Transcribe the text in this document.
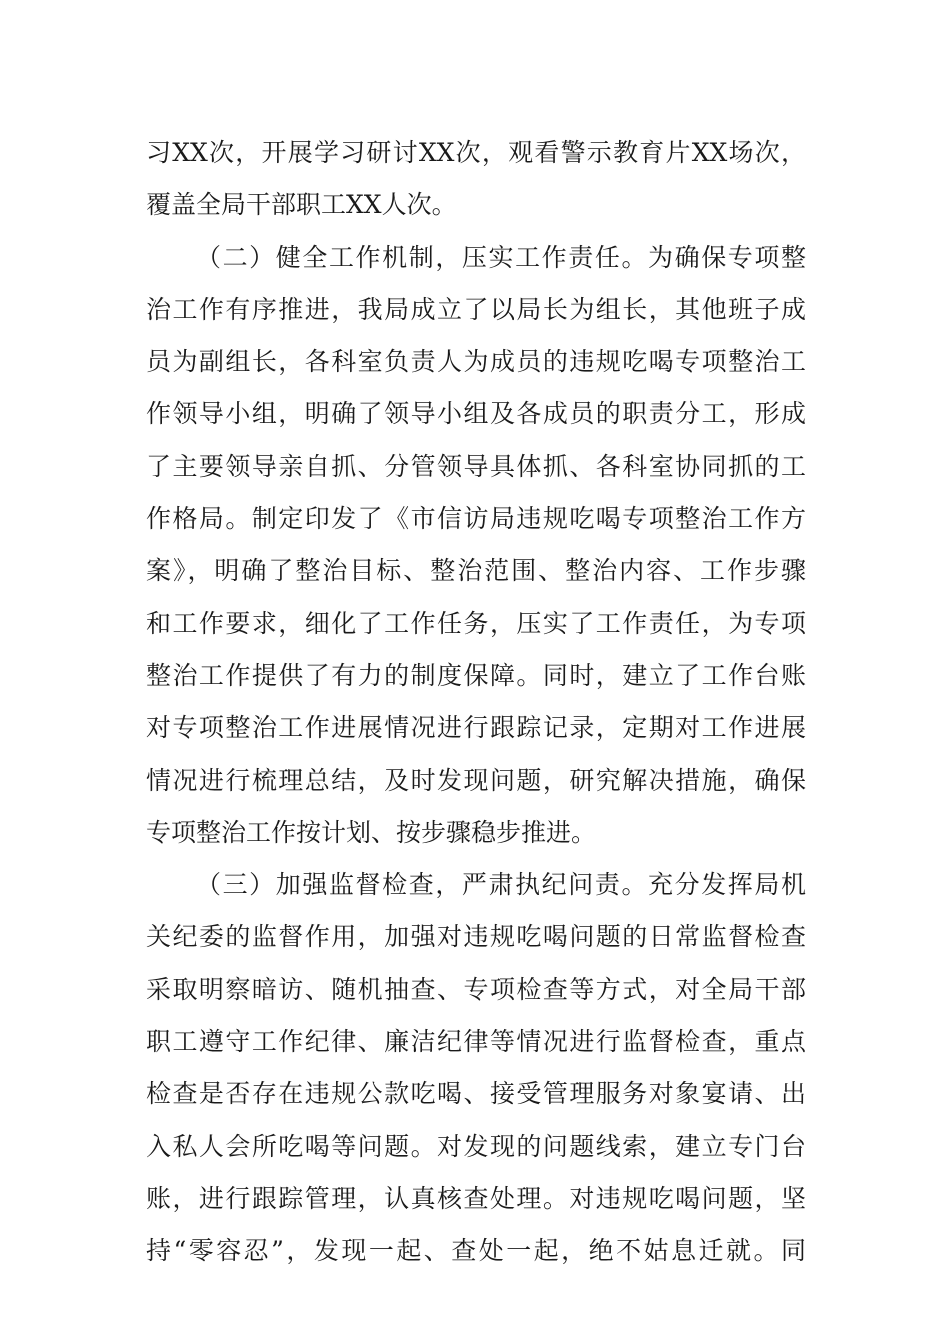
习XX次，开展学习研讨XX次，观看警示教育片XX场次，
覆盖全局干部职工XX人次。
（二）健全工作机制，压实工作责任。为确保专项整
治工作有序推进，我局成立了以局长为组长，其他班子成
员为副组长，各科室负责人为成员的违规吃喝专项整治工
作领导小组，明确了领导小组及各成员的职责分工，形成
了主要领导亲自抓、分管领导具体抓、各科室协同抓的工
作格局。制定印发了《市信访局违规吃喝专项整治工作方
案》，明确了整治目标、整治范围、整治内容、工作步骤
和工作要求，细化了工作任务，压实了工作责任，为专项
整治工作提供了有力的制度保障。同时，建立了工作台账
对专项整治工作进展情况进行跟踪记录，定期对工作进展
情况进行梳理总结，及时发现问题，研究解决措施，确保
专项整治工作按计划、按步骤稳步推进。
（三）加强监督检查，严肃执纪问责。充分发挥局机
关纪委的监督作用，加强对违规吃喝问题的日常监督检查
采取明察暗访、随机抽查、专项检查等方式，对全局干部
职工遵守工作纪律、廉洁纪律等情况进行监督检查，重点
检查是否存在违规公款吃喝、接受管理服务对象宴请、出
入私人会所吃喝等问题。对发现的问题线索，建立专门台
账，进行跟踪管理，认真核查处理。对违规吃喝问题，坚
持“零容忍”，发现一起、查处一起，绝不姑息迁就。同
